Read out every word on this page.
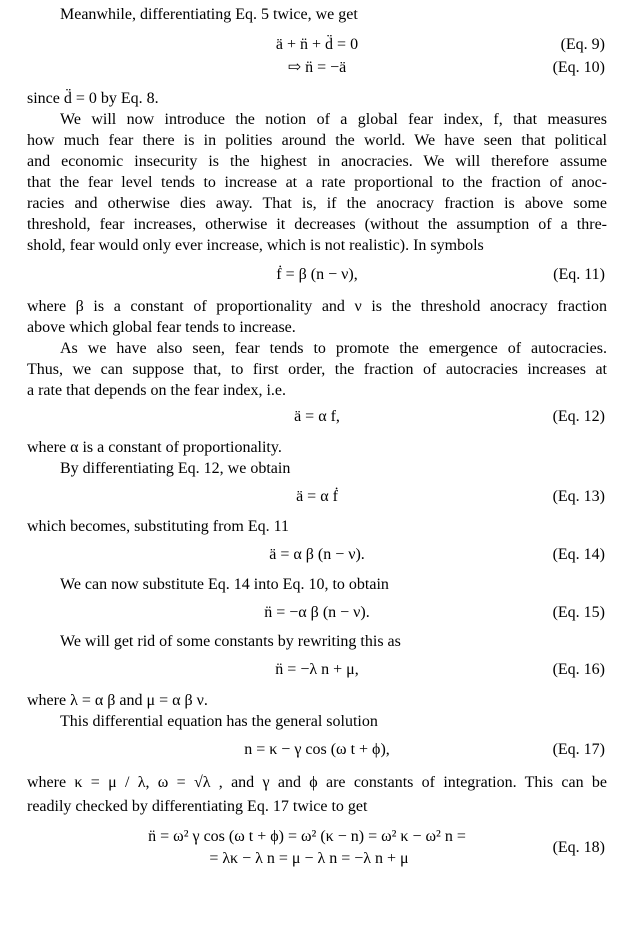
Meanwhile, differentiating Eq. 5 twice, we get
ä + n̈ + d̈ = 0	(Eq. 9)
⇨ n̈ = −ä	(Eq. 10)
since d̈ = 0 by Eq. 8.
We will now introduce the notion of a global fear index, f, that measures
how much fear there is in polities around the world. We have seen that political
and economic insecurity is the highest in anocracies. We will therefore assume
that the fear level tends to increase at a rate proportional to the fraction of anoc-
racies and otherwise dies away. That is, if the anocracy fraction is above some
threshold, fear increases, otherwise it decreases (without the assumption of a thre-
shold, fear would only ever increase, which is not realistic). In symbols
ḟ = β (n − ν),	(Eq. 11)
where β is a constant of proportionality and ν is the threshold anocracy fraction
above which global fear tends to increase.
As we have also seen, fear tends to promote the emergence of autocracies.
Thus, we can suppose that, to first order, the fraction of autocracies increases at
a rate that depends on the fear index, i.e.
ä = α f,	(Eq. 12)
where α is a constant of proportionality.
By differentiating Eq. 12, we obtain
ä = α ḟ	(Eq. 13)
which becomes, substituting from Eq. 11
ä = α β (n − ν).	(Eq. 14)
We can now substitute Eq. 14 into Eq. 10, to obtain
n̈ = −α β (n − ν).	(Eq. 15)
We will get rid of some constants by rewriting this as
n̈ = −λ n + μ,	(Eq. 16)
where λ = α β and μ = α β ν.
This differential equation has the general solution
n = κ − γ cos (ω t + ϕ),	(Eq. 17)
where κ = μ / λ, ω = √λ , and γ and ϕ are constants of integration. This can be
readily checked by differentiating Eq. 17 twice to get
n̈ = ω² γ cos (ω t + ϕ) = ω² (κ − n) = ω² κ − ω² n =
= λκ − λ n = μ − λ n = −λ n + μ
(Eq. 18)
